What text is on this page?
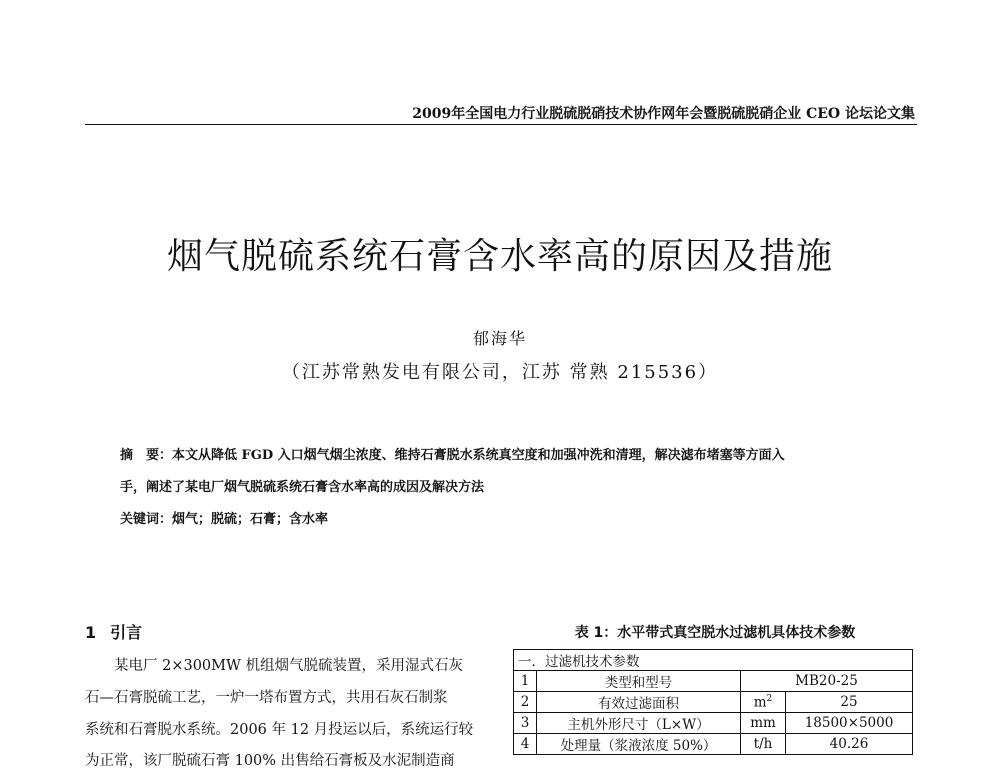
2009年全国电力行业脱硫脱硝技术协作网年会暨脱硫脱硝企业 CEO 论坛论文集
烟气脱硫系统石膏含水率高的原因及措施
郁海华
（江苏常熟发电有限公司，江苏 常熟 215536）
摘　要：本文从降低 FGD 入口烟气烟尘浓度、维持石膏脱水系统真空度和加强冲洗和清理，解决滤布堵塞等方面入
手，阐述了某电厂烟气脱硫系统石膏含水率高的成因及解决方法
关键词：烟气；脱硫；石膏；含水率
1 引言
　　某电厂 2×300MW 机组烟气脱硫装置，采用湿式石灰
石—石膏脱硫工艺，一炉一塔布置方式，共用石灰石制浆
系统和石膏脱水系统。2006 年 12 月投运以后，系统运行较
为正常，该厂脱硫石膏 100% 出售给石膏板及水泥制造商
表 1：水平带式真空脱水过滤机具体技术参数
一．过滤机技术参数			
1	类型和型号	MB20-25	
2	有效过滤面积	$m^2$	25
3	主机外形尺寸（L×W）	mm	18500×5000
4	处理量（浆液浓度 50%）	t/h	40.26
